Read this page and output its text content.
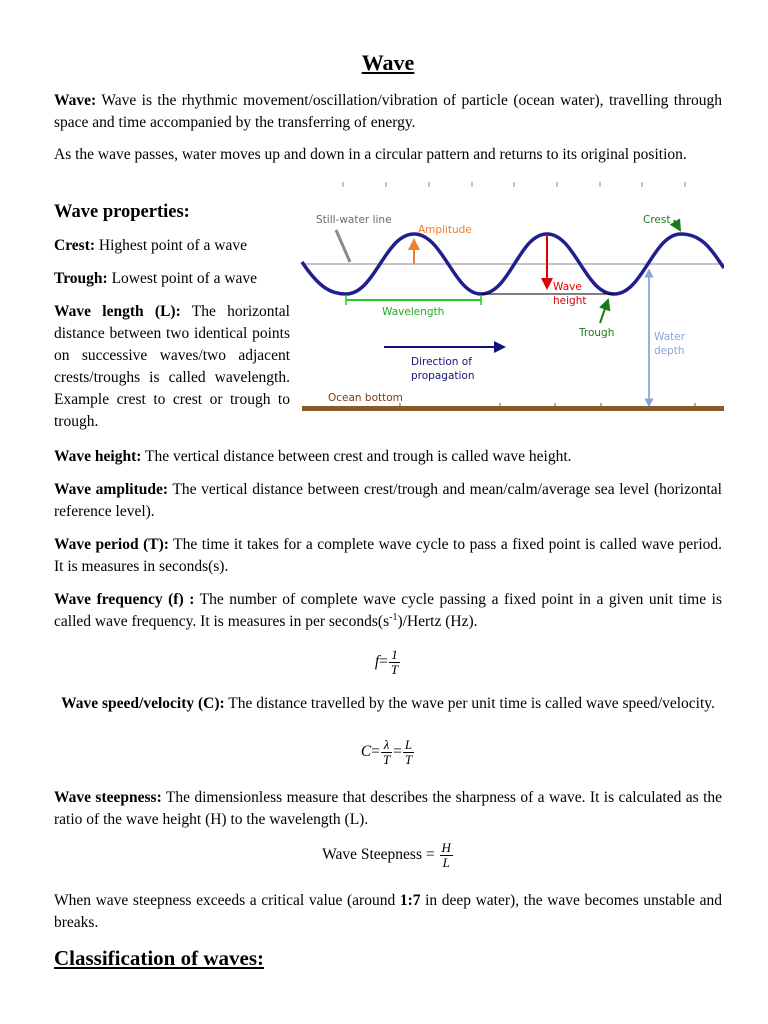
Wave

Wave: Wave is the rhythmic movement/oscillation/vibration of particle (ocean water), travelling through space and time accompanied by the transferring of energy.

As the wave passes, water moves up and down in a circular pattern and returns to its original position.

Wave properties:

Crest: Highest point of a wave

Trough: Lowest point of a wave

Wave length (L): The horizontal distance between two identical points on successive waves/two adjacent crests/troughs is called wavelength. Example crest to crest or trough to trough.

Wave height: The vertical distance between crest and trough is called wave height.

Wave amplitude: The vertical distance between crest/trough and mean/calm/average sea level (horizontal reference level).

Wave period (T): The time it takes for a complete wave cycle to pass a fixed point is called wave period. It is measures in seconds(s).

Wave frequency (f) : The number of complete wave cycle passing a fixed point in a given unit time is called wave frequency. It is measures in per $seconds(s^{-1})$/Hertz (Hz).

$f= \frac{1}{T}$

Wave speed/velocity (C): The distance travelled by the wave per unit time is called wave speed/velocity.

$C= \frac{\lambda}{T} = \frac{L}{T}$

Wave steepness: The dimensionless measure that describes the sharpness of a wave. It is calculated as the ratio of the wave height (H) to the wavelength (L).

Wave Steepness = $\frac{H}{L}$

When wave steepness exceeds a critical value (around 1:7 in deep water), the wave becomes unstable and breaks.

Classification of waves:

Still-water line
Amplitude
Crest
Wave
height
Wavelength
Trough	Water
depth
Direction of
propagation
Ocean bottom
